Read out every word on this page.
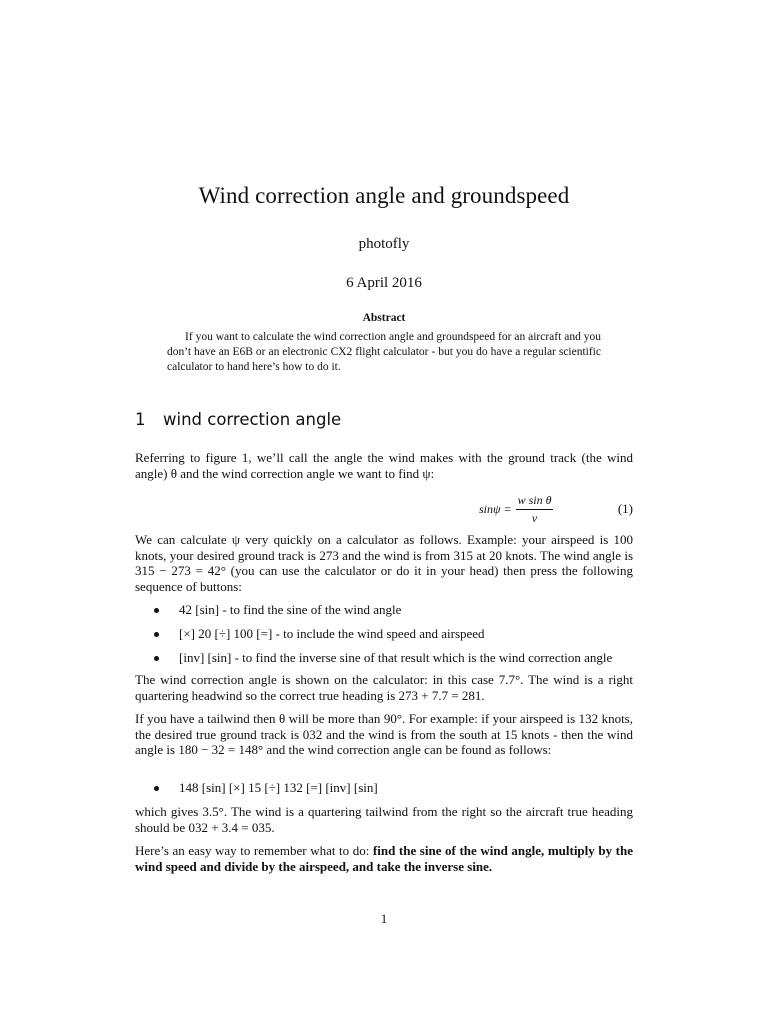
Wind correction angle and groundspeed
photofly
6 April 2016
Abstract
If you want to calculate the wind correction angle and groundspeed for an aircraft and you don’t have an E6B or an electronic CX2 flight calculator - but you do have a regular scientific calculator to hand here’s how to do it.
1 wind correction angle
Referring to figure 1, we’ll call the angle the wind makes with the ground track (the wind angle) θ and the wind correction angle we want to find ψ:
$\sin\psi = \frac{\text{w sin θ}}{v}$	(1)
We can calculate ψ very quickly on a calculator as follows. Example: your airspeed is 100 knots, your desired ground track is 273 and the wind is from 315 at 20 knots. The wind angle is 315 − 273 = 42° (you can use the calculator or do it in your head) then press the following sequence of buttons:
42 [sin] - to find the sine of the wind angle
[×] 20 [÷] 100 [=] - to include the wind speed and airspeed
[inv] [sin] - to find the inverse sine of that result which is the wind correction angle
The wind correction angle is shown on the calculator: in this case 7.7°. The wind is a right quartering headwind so the correct true heading is 273 + 7.7 = 281.
If you have a tailwind then θ will be more than 90°. For example: if your airspeed is 132 knots, the desired true ground track is 032 and the wind is from the south at 15 knots - then the wind angle is 180 − 32 = 148° and the wind correction angle can be found as follows:
148 [sin] [×] 15 [÷] 132 [=] [inv] [sin]
which gives 3.5°. The wind is a quartering tailwind from the right so the aircraft true heading should be 032 + 3.4 = 035.
Here’s an easy way to remember what to do: find the sine of the wind angle, multiply by the wind speed and divide by the airspeed, and take the inverse sine.
1
